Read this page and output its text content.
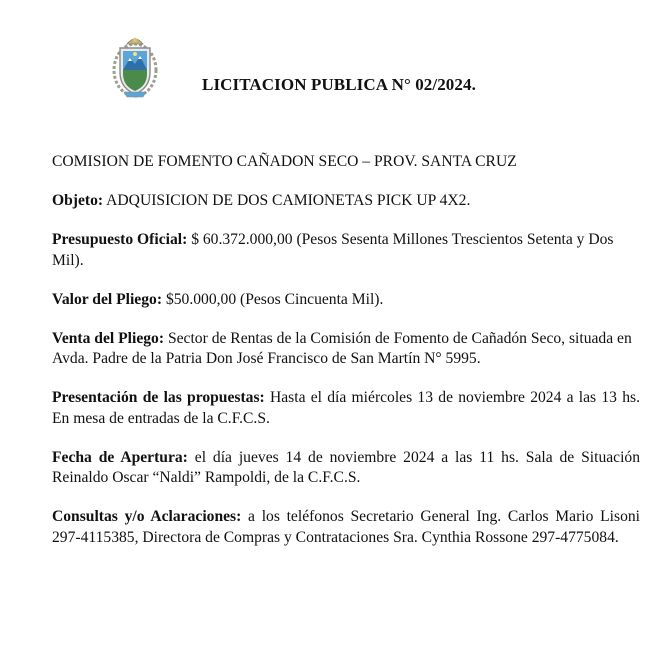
LICITACION PUBLICA N° 02/2024.

COMISION DE FOMENTO CAÑADON SECO – PROV. SANTA CRUZ

Objeto: ADQUISICION DE DOS CAMIONETAS PICK UP 4X2.

Presupuesto Oficial: $ 60.372.000,00 (Pesos Sesenta Millones Trescientos Setenta y Dos Mil).

Valor del Pliego: $50.000,00 (Pesos Cincuenta Mil).

Venta del Pliego: Sector de Rentas de la Comisión de Fomento de Cañadón Seco, situada en Avda. Padre de la Patria Don José Francisco de San Martín N° 5995.

Presentación de las propuestas: Hasta el día miércoles 13 de noviembre 2024 a las 13 hs. En mesa de entradas de la C.F.C.S.

Fecha de Apertura: el día jueves 14 de noviembre 2024 a las 11 hs. Sala de Situación Reinaldo Oscar “Naldi” Rampoldi, de la C.F.C.S.

Consultas y/o Aclaraciones: a los teléfonos Secretario General Ing. Carlos Mario Lisoni 297-4115385, Directora de Compras y Contrataciones Sra. Cynthia Rossone 297-4775084.
